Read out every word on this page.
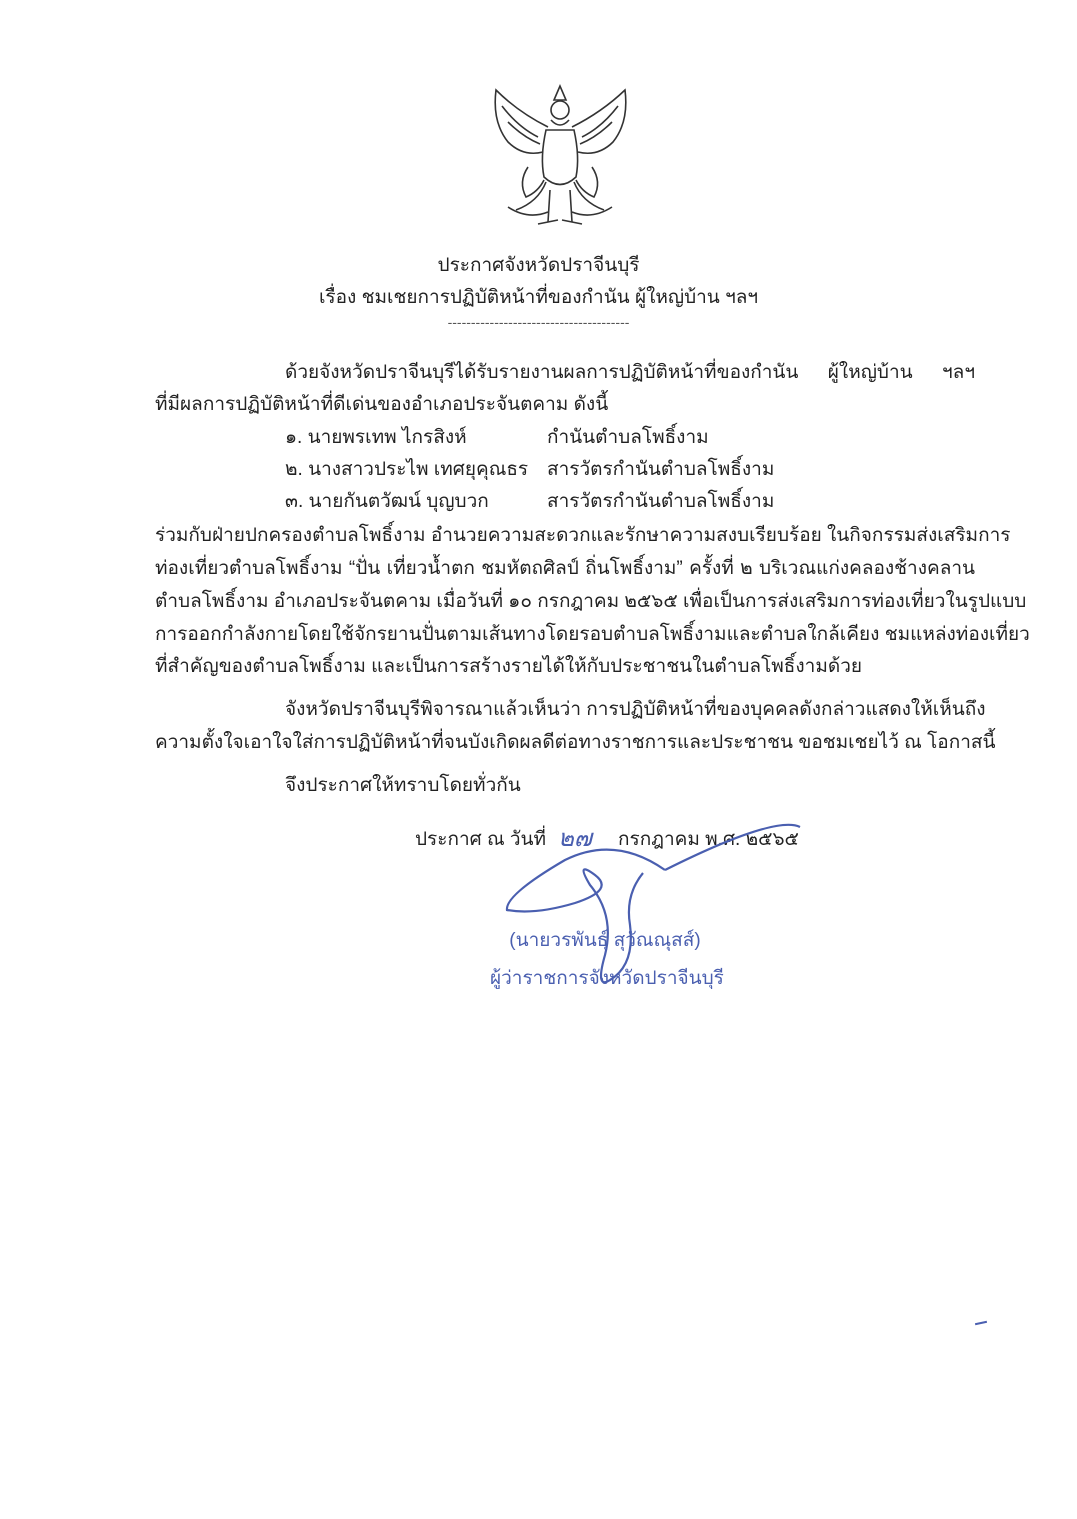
ประกาศจังหวัดปราจีนบุรี
เรื่อง ชมเชยการปฏิบัติหน้าที่ของกำนัน ผู้ใหญ่บ้าน ฯลฯ
---------------------------------------
ด้วยจังหวัดปราจีนบุรีได้รับรายงานผลการปฏิบัติหน้าที่ของกำนัน ผู้ใหญ่บ้าน ฯลฯ
ที่มีผลการปฏิบัติหน้าที่ดีเด่นของอำเภอประจันตคาม ดังนี้
๑. นายพรเทพ ไกรสิงห์	กำนันตำบลโพธิ์งาม
๒. นางสาวประไพ เทศยุคุณธร สารวัตรกำนันตำบลโพธิ์งาม
๓. นายกันตวัฒน์ บุญบวก	สารวัตรกำนันตำบลโพธิ์งาม
ร่วมกับฝ่ายปกครองตำบลโพธิ์งาม อำนวยความสะดวกและรักษาความสงบเรียบร้อย ในกิจกรรมส่งเสริมการ
ท่องเที่ยวตำบลโพธิ์งาม “ปั่น เที่ยวน้ำตก ชมหัตถศิลป์ ถิ่นโพธิ์งาม” ครั้งที่ ๒ บริเวณแก่งคลองช้างคลาน
ตำบลโพธิ์งาม อำเภอประจันตคาม เมื่อวันที่ ๑๐ กรกฎาคม ๒๕๖๕ เพื่อเป็นการส่งเสริมการท่องเที่ยวในรูปแบบ
การออกกำลังกายโดยใช้จักรยานปั่นตามเส้นทางโดยรอบตำบลโพธิ์งามและตำบลใกล้เคียง ชมแหล่งท่องเที่ยว
ที่สำคัญของตำบลโพธิ์งาม และเป็นการสร้างรายได้ให้กับประชาชนในตำบลโพธิ์งามด้วย
จังหวัดปราจีนบุรีพิจารณาแล้วเห็นว่า การปฏิบัติหน้าที่ของบุคคลดังกล่าวแสดงให้เห็นถึง
ความตั้งใจเอาใจใส่การปฏิบัติหน้าที่จนบังเกิดผลดีต่อทางราชการและประชาชน ขอชมเชยไว้ ณ โอกาสนี้
จึงประกาศให้ทราบโดยทั่วกัน
ประกาศ ณ วันที่ ๒๗ กรกฎาคม พ.ศ. ๒๕๖๕
(นายวรพันธุ์ สุวัณณุสส์)
ผู้ว่าราชการจังหวัดปราจีนบุรี
